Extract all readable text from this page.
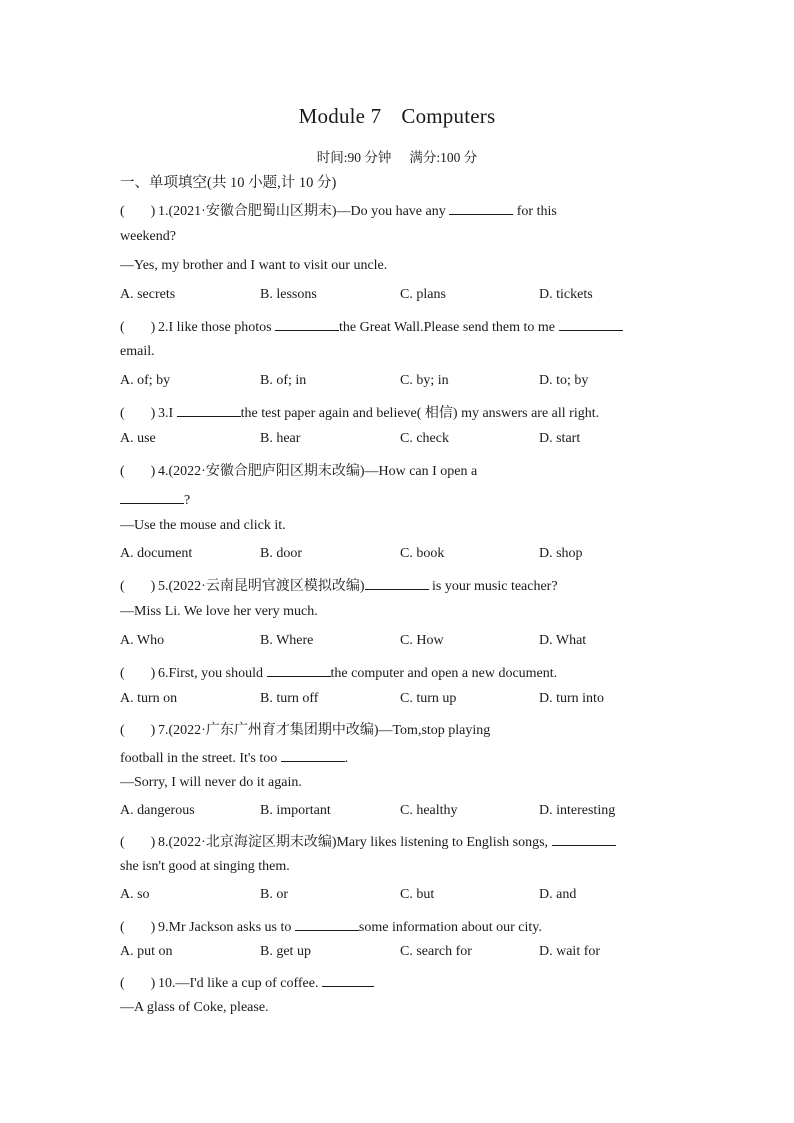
Module 7 Computers
时间:90 分钟 满分:100 分
一、单项填空(共 10 小题,计 10 分)
( ) 1.(2021·安徽合肥蜀山区期末)—Do you have any	for this
weekend?
—Yes, my brother and I want to visit our uncle.
A. secrets	B. lessons	C. plans	D. tickets
( ) 2.I like those photos	the Great Wall.Please send them to me
email.
A. of; by	B. of; in	C. by; in	D. to; by
( ) 3.I	the test paper again and believe( 相信) my answers are all right.
A. use	B. hear	C. check	D. start
( ) 4.(2022·安徽合肥庐阳区期末改编)—How can I open a
?
—Use the mouse and click it.
A. document	B. door	C. book	D. shop
( ) 5.(2022·云南昆明官渡区模拟改编)	is your music teacher?
—Miss Li. We love her very much.
A. Who	B. Where	C. How	D. What
( ) 6.First, you should	the computer and open a new document.
A. turn on	B. turn off	C. turn up	D. turn into
( ) 7.(2022·广东广州育才集团期中改编)—Tom,stop playing
football in the street. It's too	.
—Sorry, I will never do it again.
A. dangerous	B. important	C. healthy	D. interesting
( ) 8.(2022·北京海淀区期末改编)Mary likes listening to English songs,
she isn't good at singing them.
A. so	B. or	C. but	D. and
( ) 9.Mr Jackson asks us to	some information about our city.
A. put on	B. get up	C. search for	D. wait for
( ) 10.—I'd like a cup of coffee.
—A glass of Coke, please.
